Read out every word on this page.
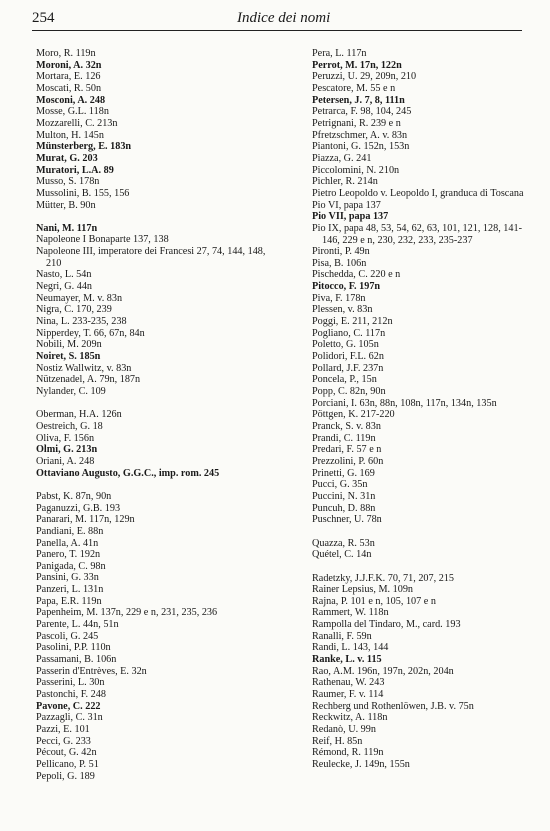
254	Indice dei nomi
Moro, R. 119n
Moroni, A. 32n
Mortara, E. 126
Moscati, R. 50n
Mosconi, A. 248
Mosse, G.L. 118n
Mozzarelli, C. 213n
Multon, H. 145n
Münsterberg, E. 183n
Murat, G. 203
Muratori, L.A. 89
Musso, S. 178n
Mussolini, B. 155, 156
Mütter, B. 90n
Nani, M. 117n
Napoleone I Bonaparte 137, 138
Napoleone III, imperatore dei Francesi 27, 74, 144, 148, 210
Nasto, L. 54n
Negri, G. 44n
Neumayer, M. v. 83n
Nigra, C. 170, 239
Nina, L. 233-235, 238
Nipperdey, T. 66, 67n, 84n
Nobili, M. 209n
Noiret, S. 185n
Nostiz Wallwitz, v. 83n
Nützenadel, A. 79n, 187n
Nylander, C. 109
Oberman, H.A. 126n
Oestreich, G. 18
Oliva, F. 156n
Olmi, G. 213n
Oriani, A. 248
Ottaviano Augusto, G.G.C., imp. rom. 245
Pabst, K. 87n, 90n
Paganuzzi, G.B. 193
Panarari, M. 117n, 129n
Pandiani, E. 88n
Panella, A. 41n
Panero, T. 192n
Panigada, C. 98n
Pansini, G. 33n
Panzeri, L. 131n
Papa, E.R. 119n
Papenheim, M. 137n, 229 e n, 231, 235, 236
Parente, L. 44n, 51n
Pascoli, G. 245
Pasolini, P.P. 110n
Passamani, B. 106n
Passerin d'Entrèves, E. 32n
Passerini, L. 30n
Pastonchi, F. 248
Pavone, C. 222
Pazzagli, C. 31n
Pazzi, E. 101
Pecci, G. 233
Pécout, G. 42n
Pellicano, P. 51
Pepoli, G. 189
Pera, L. 117n
Perrot, M. 17n, 122n
Peruzzi, U. 29, 209n, 210
Pescatore, M. 55 e n
Petersen, J. 7, 8, 111n
Petrarca, F. 98, 104, 245
Petrignani, R. 239 e n
Pfretzschmer, A. v. 83n
Piantoni, G. 152n, 153n
Piazza, G. 241
Piccolomini, N. 210n
Pichler, R. 214n
Pietro Leopoldo v. Leopoldo I, granduca di Toscana
Pio VI, papa 137
Pio VII, papa 137
Pio IX, papa 48, 53, 54, 62, 63, 101, 121, 128, 141-146, 229 e n, 230, 232, 233, 235-237
Pironti, P. 49n
Pisa, B. 106n
Pischedda, C. 220 e n
Pitocco, F. 197n
Piva, F. 178n
Plessen, v. 83n
Poggi, E. 211, 212n
Pogliano, C. 117n
Poletto, G. 105n
Polidori, F.L. 62n
Pollard, J.F. 237n
Poncela, P., 15n
Popp, C. 82n, 90n
Porciani, I. 63n, 88n, 108n, 117n, 134n, 135n
Pöttgen, K. 217-220
Pranck, S. v. 83n
Prandi, C. 119n
Predari, F. 57 e n
Prezzolini, P. 60n
Prinetti, G. 169
Pucci, G. 35n
Puccini, N. 31n
Puncuh, D. 88n
Puschner, U. 78n
Quazza, R. 53n
Quétel, C. 14n
Radetzky, J.J.F.K. 70, 71, 207, 215
Rainer Lepsius, M. 109n
Rajna, P. 101 e n, 105, 107 e n
Rammert, W. 118n
Rampolla del Tindaro, M., card. 193
Ranalli, F. 59n
Randi, L. 143, 144
Ranke, L. v. 115
Rao, A.M. 196n, 197n, 202n, 204n
Rathenau, W. 243
Raumer, F. v. 114
Rechberg und Rothenlöwen, J.B. v. 75n
Reckwitz, A. 118n
Redanò, U. 99n
Reif, H. 85n
Rémond, R. 119n
Reulecke, J. 149n, 155n
